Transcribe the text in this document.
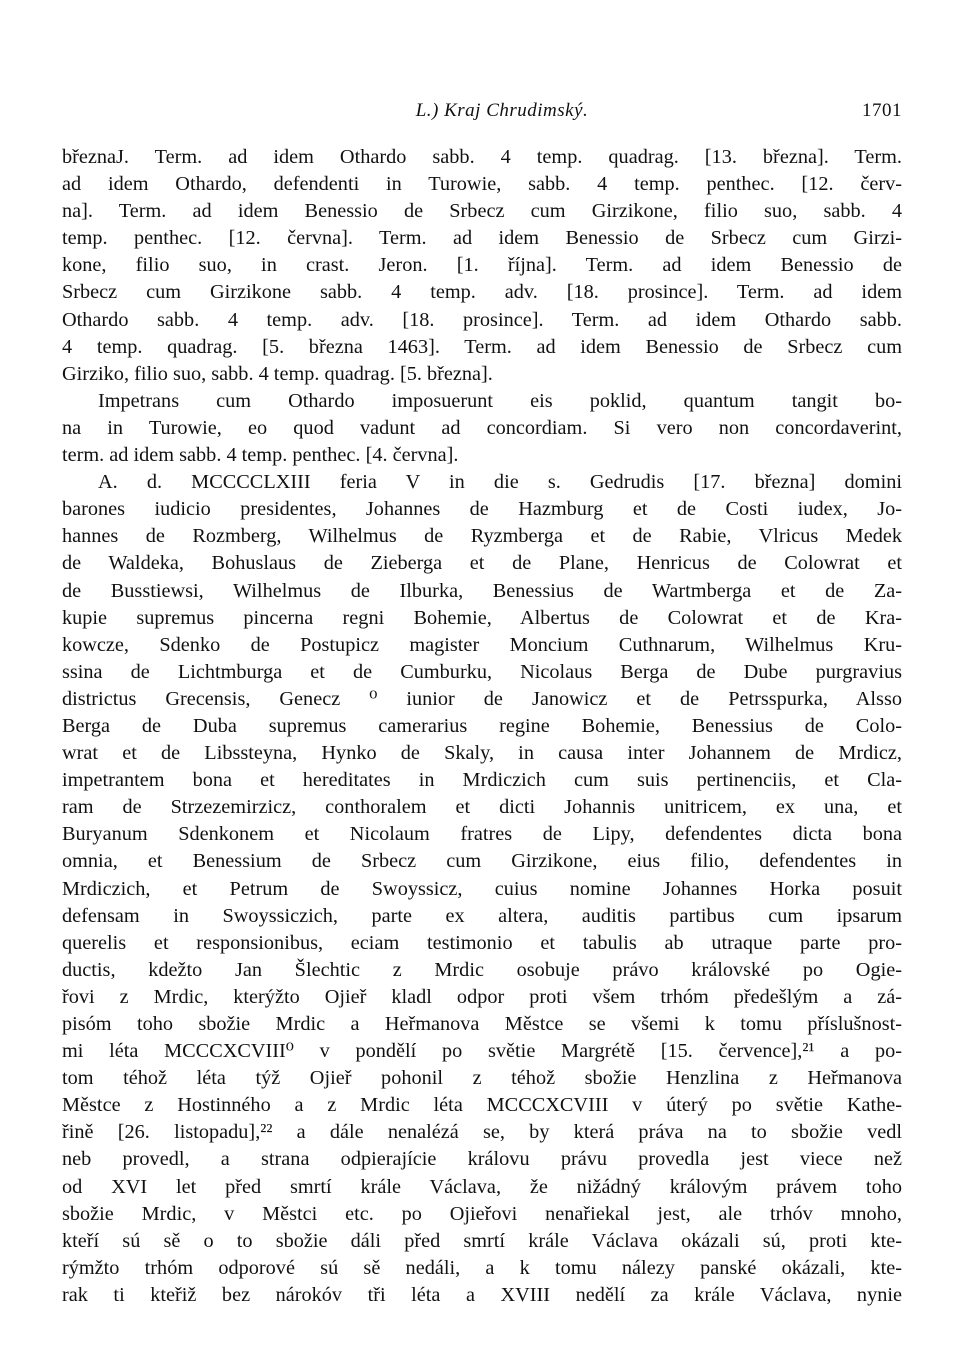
L.) Kraj Chrudimský.	1701
březnaJ. Term. ad idem Othardo sabb. 4 temp. quadrag. [13. března]. Term.
ad idem Othardo, defendenti in Turowie, sabb. 4 temp. penthec. [12. červ-
na]. Term. ad idem Benessio de Srbecz cum Girzikone, filio suo, sabb. 4
temp. penthec. [12. června]. Term. ad idem Benessio de Srbecz cum Girzi-
kone, filio suo, in crast. Jeron. [1. října]. Term. ad idem Benessio de
Srbecz cum Girzikone sabb. 4 temp. adv. [18. prosince]. Term. ad idem
Othardo sabb. 4 temp. adv. [18. prosince]. Term. ad idem Othardo sabb.
4 temp. quadrag. [5. března 1463]. Term. ad idem Benessio de Srbecz cum
Girziko, filio suo, sabb. 4 temp. quadrag. [5. března].
Impetrans cum Othardo imposuerunt eis poklid, quantum tangit bo-
na in Turowie, eo quod vadunt ad concordiam. Si vero non concordaverint,
term. ad idem sabb. 4 temp. penthec. [4. června].
A. d. MCCCCLXIII feria V in die s. Gedrudis [17. března] domini
barones iudicio presidentes, Johannes de Hazmburg et de Costi iudex, Jo-
hannes de Rozmberg, Wilhelmus de Ryzmberga et de Rabie, Vlricus Medek
de Waldeka, Bohuslaus de Zieberga et de Plane, Henricus de Colowrat et
de Busstiewsi, Wilhelmus de Ilburka, Benessius de Wartmberga et de Za-
kupie supremus pincerna regni Bohemie, Albertus de Colowrat et de Kra-
kowcze, Sdenko de Postupicz magister Moncium Cuthnarum, Wilhelmus Kru-
ssina de Lichtmburga et de Cumburku, Nicolaus Berga de Dube purgravius
districtus Grecensis, Genecz ⁰ iunior de Janowicz et de Petrsspurka, Alsso
Berga de Duba supremus camerarius regine Bohemie, Benessius de Colo-
wrat et de Libssteyna, Hynko de Skaly, in causa inter Johannem de Mrdicz,
impetrantem bona et hereditates in Mrdiczich cum suis pertinenciis, et Cla-
ram de Strzezemirzicz, conthoralem et dicti Johannis unitricem, ex una, et
Buryanum Sdenkonem et Nicolaum fratres de Lipy, defendentes dicta bona
omnia, et Benessium de Srbecz cum Girzikone, eius filio, defendentes in
Mrdiczich, et Petrum de Swoyssicz, cuius nomine Johannes Horka posuit
defensam in Swoyssiczich, parte ex altera, auditis partibus cum ipsarum
querelis et responsionibus, eciam testimonio et tabulis ab utraque parte pro-
ductis, kdežto Jan Šlechtic z Mrdic osobuje právo královské po Ogie-
řovi z Mrdic, kterýžto Ojieř kladl odpor proti všem trhóm předešlým a zá-
pisóm toho sbožie Mrdic a Heřmanova Městce se všemi k tomu příslušnost-
mi léta MCCCXCVIII⁰ v pondělí po světie Margrétě [15. července],²¹ a po-
tom téhož léta týž Ojieř pohonil z téhož sbožie Henzlina z Heřmanova
Městce z Hostinného a z Mrdic léta MCCCXCVIII v úterý po světie Kathe-
řině [26. listopadu],²² a dále nenalézá se, by která práva na to sbožie vedl
neb provedl, a strana odpierajície královu právu provedla jest viece než
od XVI let před smrtí krále Václava, že nižádný královým právem toho
sbožie Mrdic, v Městci etc. po Ojieřovi nenařiekal jest, ale trhóv mnoho,
kteří sú sě o to sbožie dáli před smrtí krále Václava okázali sú, proti kte-
rýmžto trhóm odporové sú sě nedáli, a k tomu nálezy panské okázali, kte-
rak ti kteřiž bez nárokóv tři léta a XVIII nedělí za krále Václava, nynie
